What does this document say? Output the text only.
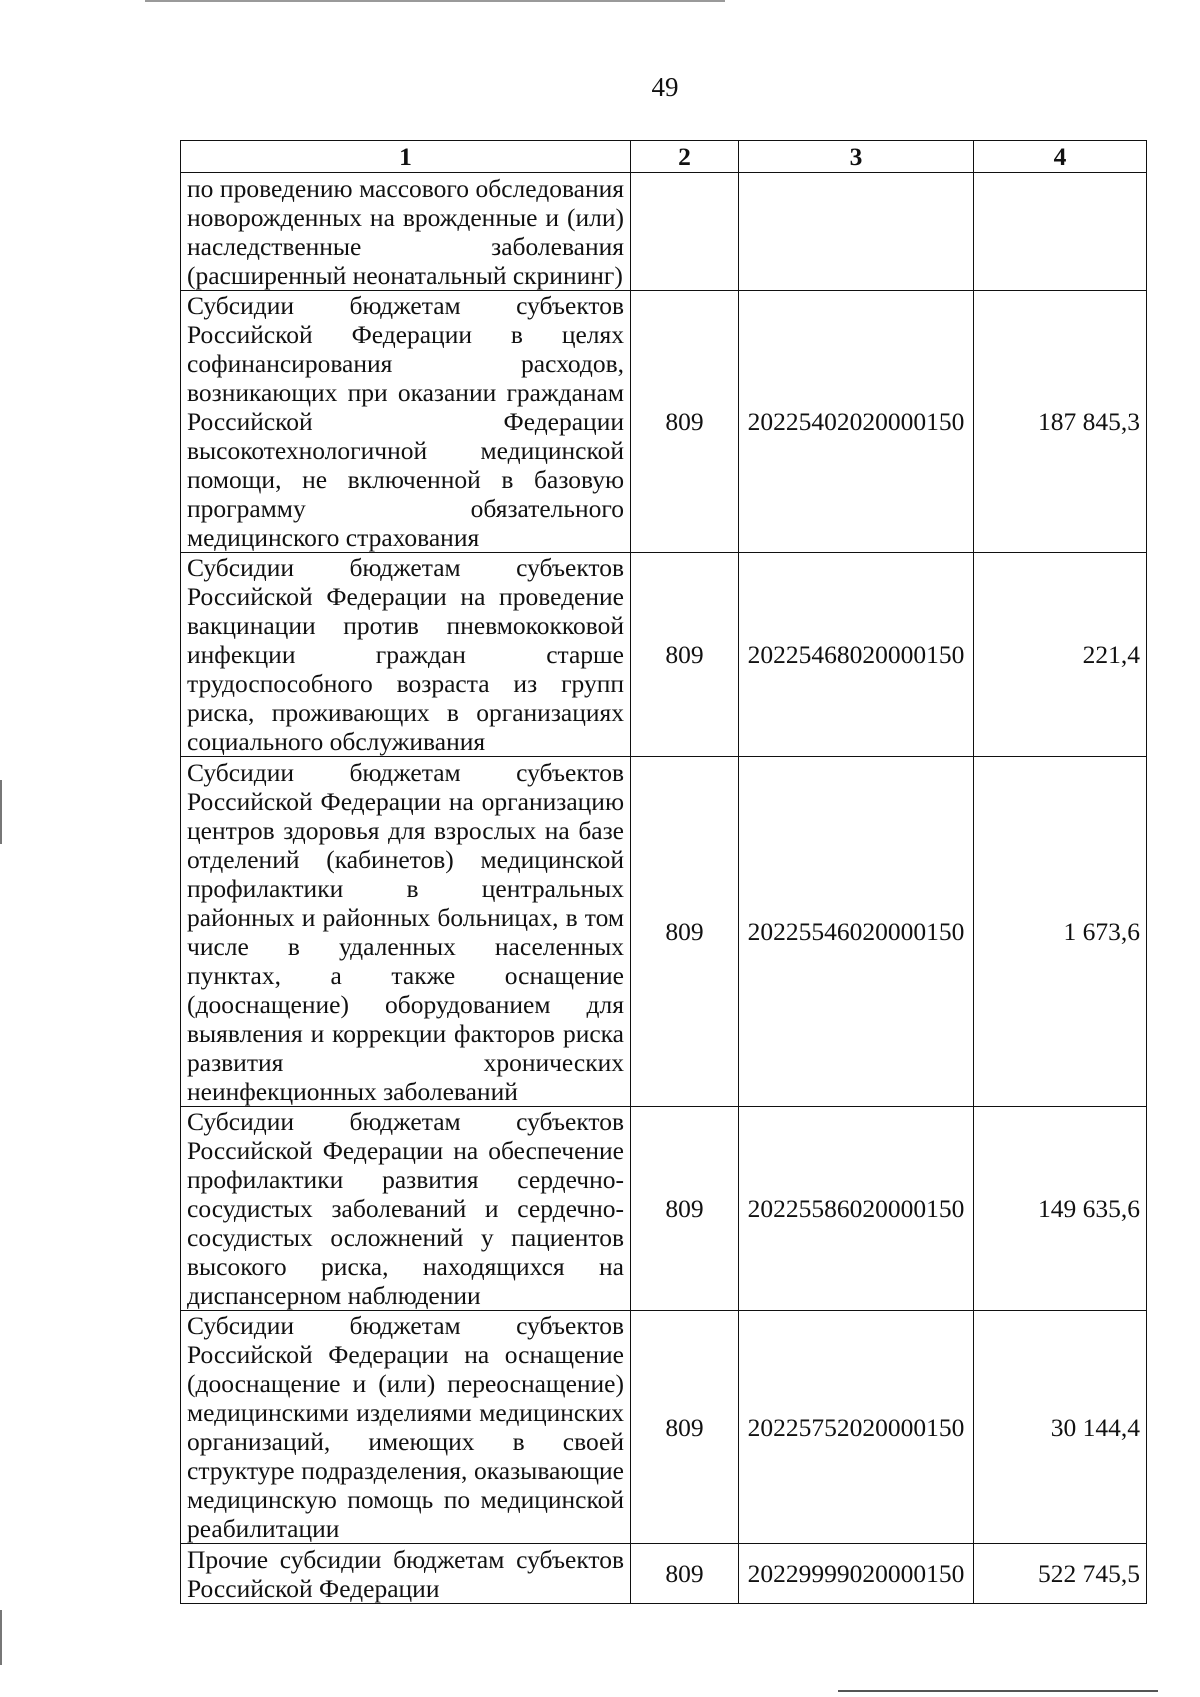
49
1	2	3	4
по проведению массового обследования новорожденных на врожденные и (или) наследственные заболевания (расширенный неонатальный скрининг)			
Субсидии бюджетам субъектов Российской Федерации в целях софинансирования расходов, возникающих при оказании гражданам Российской Федерации высокотехнологичной медицинской помощи, не включенной в базовую программу обязательного медицинского страхования	809	20225402020000150	187 845,3
Субсидии бюджетам субъектов Российской Федерации на проведение вакцинации против пневмококковой инфекции граждан старше трудоспособного возраста из групп риска, проживающих в организациях социального обслуживания	809	20225468020000150	221,4
Субсидии бюджетам субъектов Российской Федерации на организацию центров здоровья для взрослых на базе отделений (кабинетов) медицинской профилактики в центральных районных и районных больницах, в том числе в удаленных населенных пунктах, а также оснащение (дооснащение) оборудованием для выявления и коррекции факторов риска развития хронических неинфекционных заболеваний	809	20225546020000150	1 673,6
Субсидии бюджетам субъектов Российской Федерации на обеспечение профилактики развития сердечно-сосудистых заболеваний и сердечно-сосудистых осложнений у пациентов высокого риска, находящихся на диспансерном наблюдении	809	20225586020000150	149 635,6
Субсидии бюджетам субъектов Российской Федерации на оснащение (дооснащение и (или) переоснащение) медицинскими изделиями медицинских организаций, имеющих в своей структуре подразделения, оказывающие медицинскую помощь по медицинской реабилитации	809	20225752020000150	30 144,4
Прочие субсидии бюджетам субъектов Российской Федерации	809	20229999020000150	522 745,5
